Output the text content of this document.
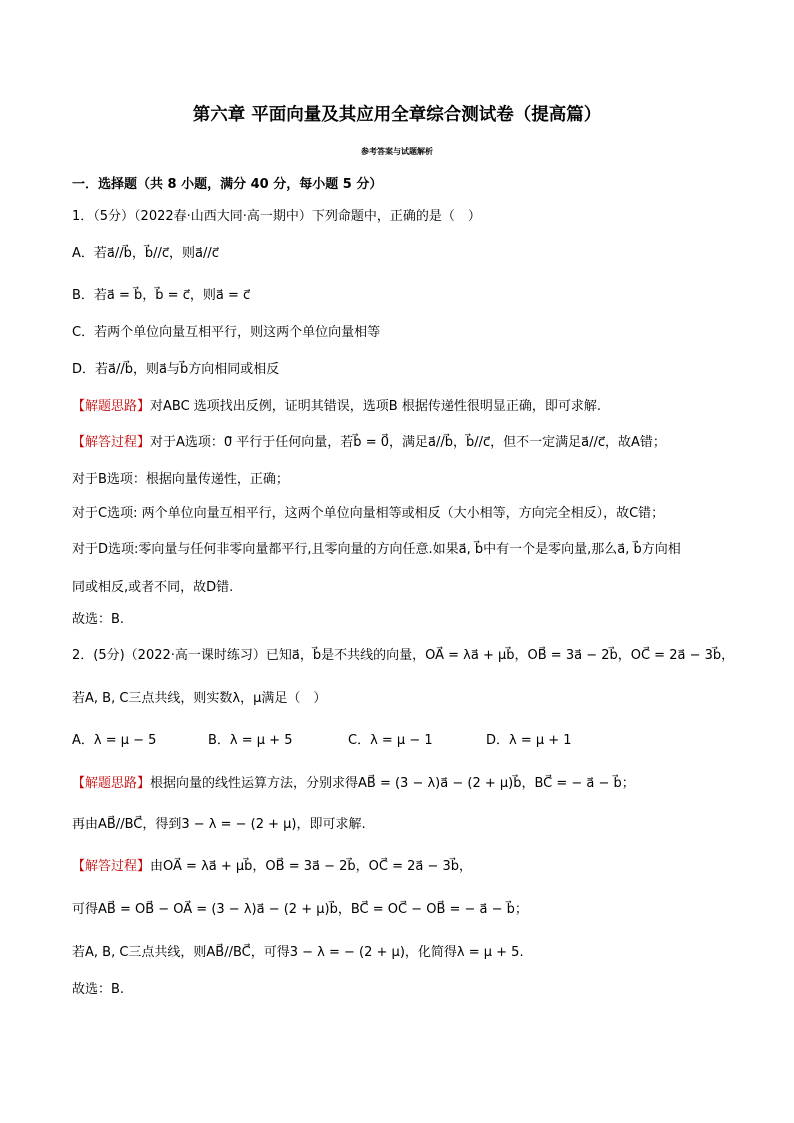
第六章 平面向量及其应用全章综合测试卷（提高篇）
参考答案与试题解析
一．选择题（共 8 小题，满分 40 分，每小题 5 分）
1．（5分）（2022春·山西大同·高一期中）下列命题中，正确的是（　）
A．若a⃗//b⃗，b⃗//c⃗，则a⃗//c⃗
B．若a⃗ = b⃗，b⃗ = c⃗，则a⃗ = c⃗
C．若两个单位向量互相平行，则这两个单位向量相等
D．若a⃗//b⃗，则a⃗与b⃗方向相同或相反
【解题思路】对ABC 选项找出反例，证明其错误，选项B 根据传递性很明显正确，即可求解.
【解答过程】对于A选项：0⃗ 平行于任何向量，若b⃗ = 0⃗，满足a⃗//b⃗，b⃗//c⃗，但不一定满足a⃗//c⃗，故A错；
对于B选项：根据向量传递性，正确；
对于C选项: 两个单位向量互相平行，这两个单位向量相等或相反（大小相等，方向完全相反），故C错；
对于D选项:零向量与任何非零向量都平行,且零向量的方向任意.如果a⃗, b⃗中有一个是零向量,那么a⃗, b⃗方向相
同或相反,或者不同，故D错.
故选：B.
2．(5分)（2022·高一课时练习）已知a⃗，b⃗是不共线的向量，OA⃗ = λa⃗ + μb⃗，OB⃗ = 3a⃗ − 2b⃗，OC⃗ = 2a⃗ − 3b⃗，
若A, B, C三点共线，则实数λ，μ满足（　）
A．λ = μ − 5	B．λ = μ + 5	C．λ = μ − 1	D．λ = μ + 1
【解题思路】根据向量的线性运算方法，分别求得AB⃗ = (3 − λ)a⃗ − (2 + μ)b⃗，BC⃗ = − a⃗ − b⃗；
再由AB⃗//BC⃗，得到3 − λ = − (2 + μ)，即可求解.
【解答过程】由OA⃗ = λa⃗ + μb⃗，OB⃗ = 3a⃗ − 2b⃗，OC⃗ = 2a⃗ − 3b⃗，
可得AB⃗ = OB⃗ − OA⃗ = (3 − λ)a⃗ − (2 + μ)b⃗，BC⃗ = OC⃗ − OB⃗ = − a⃗ − b⃗；
若A, B, C三点共线，则AB⃗//BC⃗，可得3 − λ = − (2 + μ)，化简得λ = μ + 5.
故选：B.
